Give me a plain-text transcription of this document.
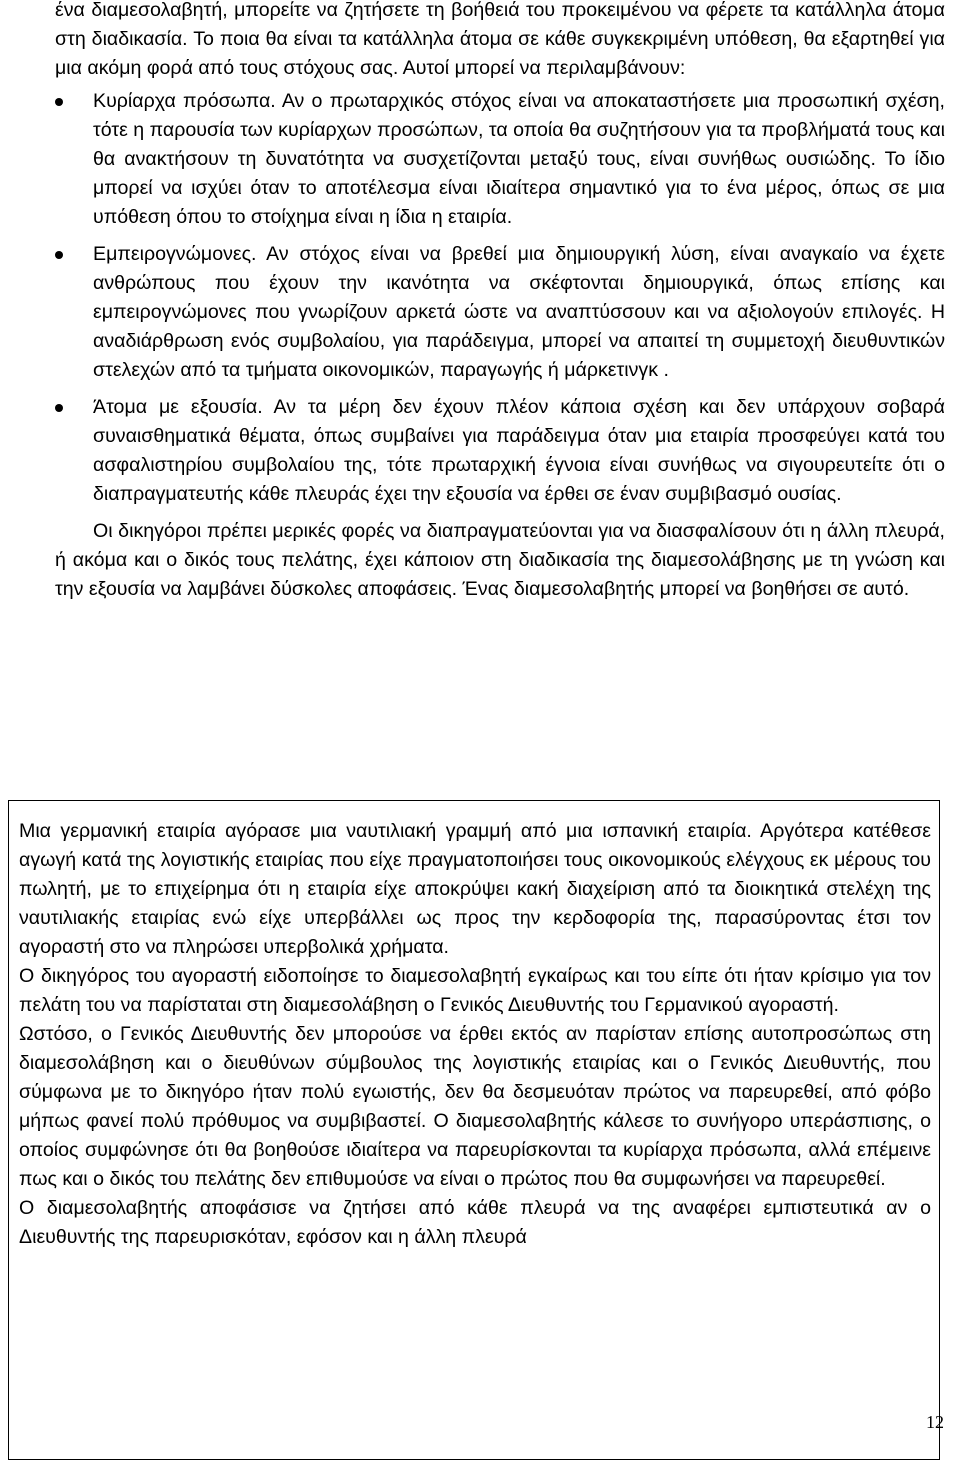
ένα διαμεσολαβητή, μπορείτε να ζητήσετε τη βοήθειά του προκειμένου να φέρετε τα κατάλληλα άτομα στη διαδικασία. Το ποια θα είναι τα κατάλληλα άτομα σε κάθε συγκεκριμένη υπόθεση, θα εξαρτηθεί για μια ακόμη φορά από τους στόχους σας. Αυτοί μπορεί να περιλαμβάνουν:

Κυρίαρχα πρόσωπα. Αν ο πρωταρχικός στόχος είναι να αποκαταστήσετε μια προσωπική σχέση, τότε η παρουσία των κυρίαρχων προσώπων, τα οποία θα συζητήσουν για τα προβλήματά τους και θα ανακτήσουν τη δυνατότητα να συσχετίζονται μεταξύ τους, είναι συνήθως ουσιώδης. Το ίδιο μπορεί να ισχύει όταν το αποτέλεσμα είναι ιδιαίτερα σημαντικό για το ένα μέρος, όπως σε μια υπόθεση όπου το στοίχημα είναι η ίδια η εταιρία.
Εμπειρογνώμονες. Αν στόχος είναι να βρεθεί μια δημιουργική λύση, είναι αναγκαίο να έχετε ανθρώπους που έχουν την ικανότητα να σκέφτονται δημιουργικά, όπως επίσης και εμπειρογνώμονες που γνωρίζουν αρκετά ώστε να αναπτύσσουν και να αξιολογούν επιλογές. Η αναδιάρθρωση ενός συμβολαίου, για παράδειγμα, μπορεί να απαιτεί τη συμμετοχή διευθυντικών στελεχών από τα τμήματα οικονομικών, παραγωγής ή μάρκετινγκ .
Άτομα με εξουσία. Αν τα μέρη δεν έχουν πλέον κάποια σχέση και δεν υπάρχουν σοβαρά συναισθηματικά θέματα, όπως συμβαίνει για παράδειγμα όταν μια εταιρία προσφεύγει κατά του ασφαλιστηρίου συμβολαίου της, τότε πρωταρχική έγνοια είναι συνήθως να σιγουρευτείτε ότι ο διαπραγματευτής κάθε πλευράς έχει την εξουσία να έρθει σε έναν συμβιβασμό ουσίας.

Οι δικηγόροι πρέπει μερικές φορές να διαπραγματεύονται για να διασφαλίσουν ότι η άλλη πλευρά, ή ακόμα και ο δικός τους πελάτης, έχει κάποιον στη διαδικασία της διαμεσολάβησης με τη γνώση και την εξουσία να λαμβάνει δύσκολες αποφάσεις. Ένας διαμεσολαβητής μπορεί να βοηθήσει σε αυτό.

Μια γερμανική εταιρία αγόρασε μια ναυτιλιακή γραμμή από μια ισπανική εταιρία. Αργότερα κατέθεσε αγωγή κατά της λογιστικής εταιρίας που είχε πραγματοποιήσει τους οικονομικούς ελέγχους εκ μέρους του πωλητή, με το επιχείρημα ότι η εταιρία είχε αποκρύψει κακή διαχείριση από τα διοικητικά στελέχη της ναυτιλιακής εταιρίας ενώ είχε υπερβάλλει ως προς την κερδοφορία της, παρασύροντας έτσι τον αγοραστή στο να πληρώσει υπερβολικά χρήματα.

Ο δικηγόρος του αγοραστή ειδοποίησε το διαμεσολαβητή εγκαίρως και του είπε ότι ήταν κρίσιμο για τον πελάτη του να παρίσταται στη διαμεσολάβηση ο Γενικός Διευθυντής του Γερμανικού αγοραστή.

Ωστόσο, ο Γενικός Διευθυντής δεν μπορούσε να έρθει εκτός αν παρίσταν επίσης αυτοπροσώπως στη διαμεσολάβηση και ο διευθύνων σύμβουλος της λογιστικής εταιρίας και ο Γενικός Διευθυντής, που σύμφωνα με το δικηγόρο ήταν πολύ εγωιστής, δεν θα δεσμευόταν πρώτος να παρευρεθεί, από φόβο μήπως φανεί πολύ πρόθυμος να συμβιβαστεί. Ο διαμεσολαβητής κάλεσε το συνήγορο υπεράσπισης, ο οποίος συμφώνησε ότι θα βοηθούσε ιδιαίτερα να παρευρίσκονται τα κυρίαρχα πρόσωπα, αλλά επέμεινε πως και ο δικός του πελάτης δεν επιθυμούσε να είναι ο πρώτος που θα συμφωνήσει να παρευρεθεί.

Ο διαμεσολαβητής αποφάσισε να ζητήσει από κάθε πλευρά να της αναφέρει εμπιστευτικά αν ο Διευθυντής της παρευρισκόταν, εφόσον και η άλλη πλευρά

12
